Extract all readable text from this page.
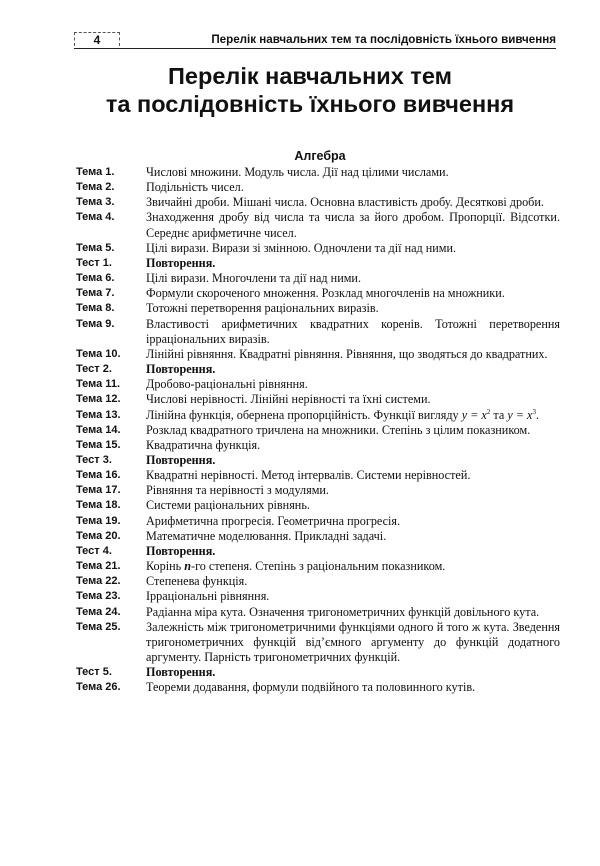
4	Перелік навчальних тем та послідовність їхнього вивчення
Перелік навчальних тем
та послідовність їхнього вивчення
Алгебра
Тема 1.	Числові множини. Модуль числа. Дії над цілими числами.
Тема 2.	Подільність чисел.
Тема 3.	Звичайні дроби. Мішані числа. Основна властивість дробу. Десяткові дроби.
Тема 4.	Знаходження дробу від числа та числа за його дробом. Пропорції. Відсотки. Середнє арифметичне чисел.
Тема 5.	Цілі вирази. Вирази зі змінною. Одночлени та дії над ними.
Тест 1.	Повторення.
Тема 6.	Цілі вирази. Многочлени та дії над ними.
Тема 7.	Формули скороченого множення. Розклад многочленів на множники.
Тема 8.	Тотожні перетворення раціональних виразів.
Тема 9.	Властивості арифметичних квадратних коренів. Тотожні перетворення ірраціональних виразів.
Тема 10.	Лінійні рівняння. Квадратні рівняння. Рівняння, що зводяться до квадратних.
Тест 2.	Повторення.
Тема 11.	Дробово-раціональні рівняння.
Тема 12.	Числові нерівності. Лінійні нерівності та їхні системи.
Тема 13.	Лінійна функція, обернена пропорційність. Функції вигляду $y = x^2$ та $y = x^3$.
Тема 14.	Розклад квадратного тричлена на множники. Степінь з цілим показником.
Тема 15.	Квадратична функція.
Тест 3.	Повторення.
Тема 16.	Квадратні нерівності. Метод інтервалів. Системи нерівностей.
Тема 17.	Рівняння та нерівності з модулями.
Тема 18.	Системи раціональних рівнянь.
Тема 19.	Арифметична прогресія. Геометрична прогресія.
Тема 20.	Математичне моделювання. Прикладні задачі.
Тест 4.	Повторення.
Тема 21.	Корінь n-го степеня. Степінь з раціональним показником.
Тема 22.	Степенева функція.
Тема 23.	Ірраціональні рівняння.
Тема 24.	Радіанна міра кута. Означення тригонометричних функцій довільного кута.
Тема 25.	Залежність між тригонометричними функціями одного й того ж кута. Зведення тригонометричних функцій від’ємного аргументу до функцій додатного аргументу. Парність тригонометричних функцій.
Тест 5.	Повторення.
Тема 26.	Теореми додавання, формули подвійного та половинного кутів.
